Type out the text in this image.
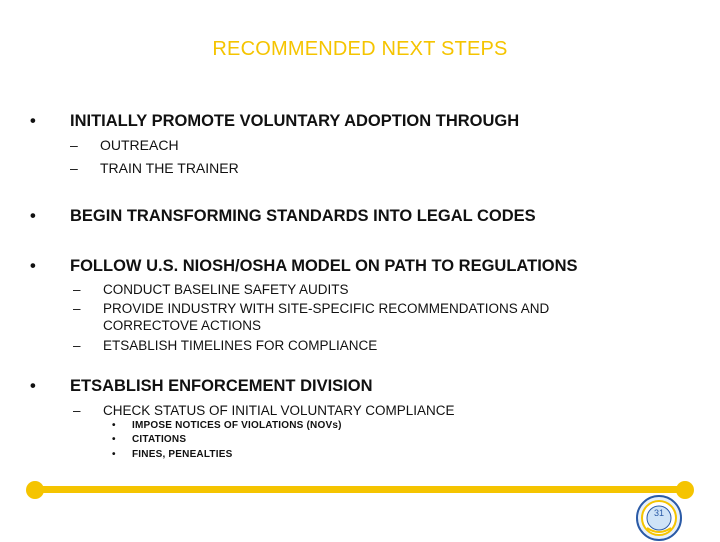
RECOMMENDED NEXT STEPS
• INITIALLY PROMOTE VOLUNTARY ADOPTION THROUGH
– OUTREACH
– TRAIN THE TRAINER
• BEGIN TRANSFORMING STANDARDS INTO LEGAL CODES
• FOLLOW U.S. NIOSH/OSHA MODEL ON PATH TO REGULATIONS
– CONDUCT BASELINE SAFETY AUDITS
– PROVIDE INDUSTRY WITH SITE-SPECIFIC RECOMMENDATIONS AND CORRECTOVE ACTIONS
– ETSABLISH TIMELINES FOR COMPLIANCE
• ETSABLISH ENFORCEMENT DIVISION
– CHECK STATUS OF INITIAL VOLUNTARY COMPLIANCE
• IMPOSE NOTICES OF VIOLATIONS (NOVs)
• CITATIONS
• FINES, PENEALTIES
31
